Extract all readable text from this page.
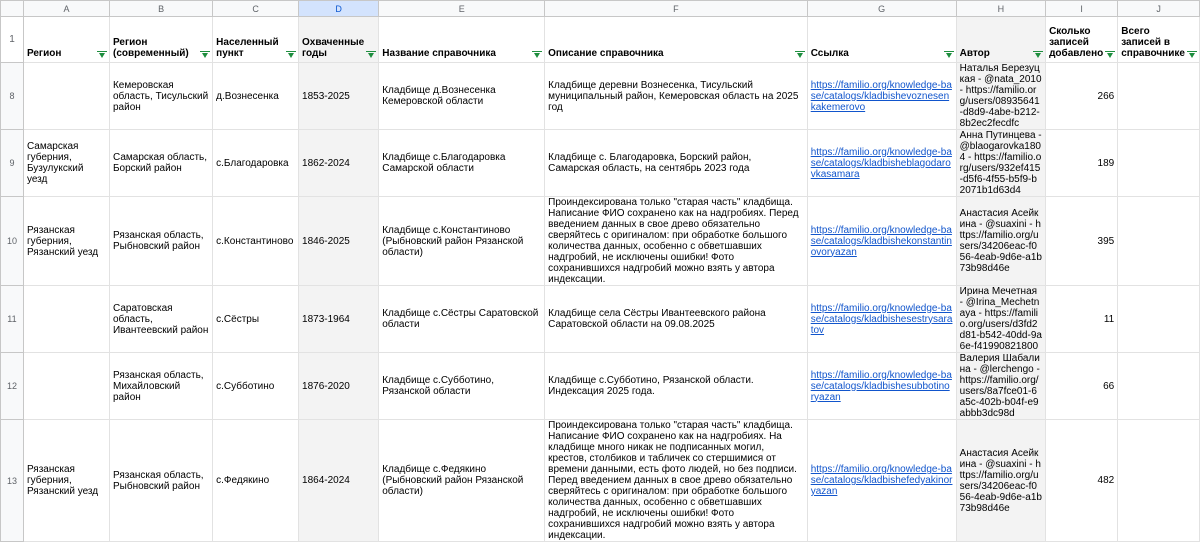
	A	B	C	D	E	F	G	H	I	J
1	Регион	Регион (современный)	Населенный пункт	Охваченные годы	Название справочника	Описание справочника	Ссылка	Автор	Сколько записей добавлено	Всего записей в справочнике

8		Кемеровская область, Тисульский район	д.Вознесенка	1853-2025	Кладбище д.Вознесенка Кемеровской области	Кладбище деревни Вознесенка, Тисульский муниципальный район, Кемеровская область на 2025 год	https://familio.org/knowledge-base/catalogs/kladbishevoznesenkakemerovo	Наталья Березуцкая - @nata_2010 - https://familio.org/users/08935641-d8d9-4abe-b212-8b2ec2fecdfc	266	
9	Самарская губерния, Бузулукский уезд	Самарская область, Борский район	с.Благодаровка	1862-2024	Кладбище с.Благодаровка Самарской области	Кладбище с. Благодаровка, Борский район, Самарская область, на сентябрь 2023 года	https://familio.org/knowledge-base/catalogs/kladbisheblagodarovkasamara	Анна Путинцева - @blaogarovka1804 - https://familio.org/users/932ef415-d5f6-4f55-b5f9-b2071b1d63d4	189	
10	Рязанская губерния, Рязанский уезд	Рязанская область, Рыбновский район	с.Константиново	1846-2025	Кладбище с.Константиново (Рыбновский район Рязанской области)	Проиндексирована только "старая часть" кладбища. Написание ФИО сохранено как на надгробиях. Перед введением данных в свое древо обязательно сверяйтесь с оригиналом: при обработке большого количества данных, особенно с обветшавших надгробий, не исключены ошибки! Фото сохранившихся надгробий можно взять у автора индексации.	https://familio.org/knowledge-base/catalogs/kladbishekonstantinovoryazan	Анастасия Асейкина - @suaxini - https://familio.org/users/34206eac-f056-4eab-9d6e-a1b73b98d46e	395	
11		Саратовская область, Ивантеевский район	с.Сёстры	1873-1964	Кладбище с.Сёстры Саратовской области	Кладбище села Сёстры Ивантеевского района Саратовской области на 09.08.2025	https://familio.org/knowledge-base/catalogs/kladbishesestrysaratov	Ирина Мечетная - @Irina_Mechetnaya - https://familio.org/users/d3fd2d81-b542-40dd-9a6e-f41990821800	11	
12		Рязанская область, Михайловский район	с.Субботино	1876-2020	Кладбище с.Субботино, Рязанской области	Кладбище с.Субботино, Рязанской области. Индексация 2025 года.	https://familio.org/knowledge-base/catalogs/kladbishesubbotinoryazan	Валерия Шабалина - @lerchengo - https://familio.org/users/8a7fce01-6a5c-402b-b04f-e9abbb3dc98d	66	
13	Рязанская губерния, Рязанский уезд	Рязанская область, Рыбновский район	с.Федякино	1864-2024	Кладбище с.Федякино (Рыбновский район Рязанской области)	Проиндексирована только "старая часть" кладбища. Написание ФИО сохранено как на надгробиях. На кладбище много никак не подписанных могил, крестов, столбиков и табличек со стершимися от времени данными, есть фото людей, но без подписи. Перед введением данных в свое древо обязательно сверяйтесь с оригиналом: при обработке большого количества данных, особенно с обветшавших надгробий, не исключены ошибки! Фото сохранившихся надгробий можно взять у автора индексации.	https://familio.org/knowledge-base/catalogs/kladbishefedyakinoryazan	Анастасия Асейкина - @suaxini - https://familio.org/users/34206eac-f056-4eab-9d6e-a1b73b98d46e	482	
